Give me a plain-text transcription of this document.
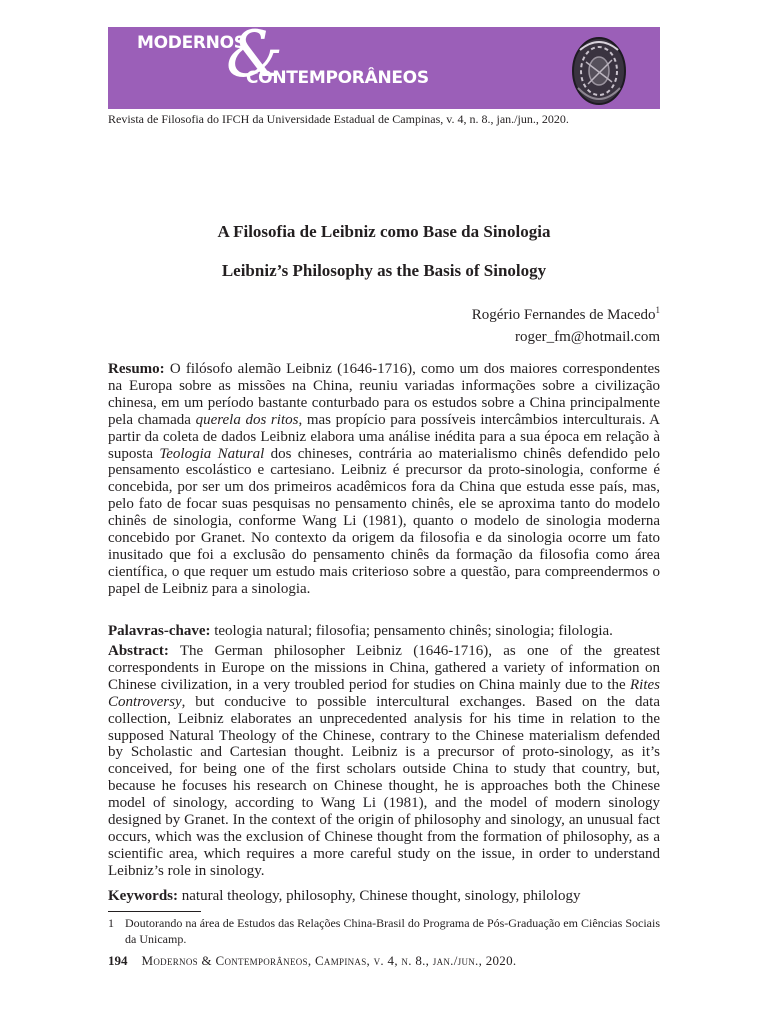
MODERNOS
&
CONTEMPORÂNEOS
Revista de Filosofia do IFCH da Universidade Estadual de Campinas, v. 4, n. 8., jan./jun., 2020.
A Filosofia de Leibniz como Base da Sinologia
Leibniz’s Philosophy as the Basis of Sinology
Rogério Fernandes de Macedo$^1$
roger_fm@hotmail.com
Resumo: O filósofo alemão Leibniz (1646-1716), como um dos maiores correspondentes na Europa sobre as missões na China, reuniu variadas informações sobre a civilização chinesa, em um período bastante conturbado para os estudos sobre a China principalmente pela chamada querela dos ritos, mas propício para possíveis intercâmbios interculturais. A partir da coleta de dados Leibniz elabora uma análise inédita para a sua época em relação à suposta Teologia Natural dos chineses, contrária ao materialismo chinês defendido pelo pensamento escolástico e cartesiano. Leibniz é precursor da proto-sinologia, conforme é concebida, por ser um dos primeiros acadêmicos fora da China que estuda esse país, mas, pelo fato de focar suas pesquisas no pensamento chinês, ele se aproxima tanto do modelo chinês de sinologia, conforme Wang Li (1981), quanto o modelo de sinologia moderna concebido por Granet. No contexto da origem da filosofia e da sinologia ocorre um fato inusitado que foi a exclusão do pensamento chinês da formação da filosofia como área científica, o que requer um estudo mais criterioso sobre a questão, para compreendermos o papel de Leibniz para a sinologia.
Palavras-chave: teologia natural; filosofia; pensamento chinês; sinologia; filologia.
Abstract: The German philosopher Leibniz (1646-1716), as one of the greatest correspondents in Europe on the missions in China, gathered a variety of information on Chinese civilization, in a very troubled period for studies on China mainly due to the Rites Controversy, but conducive to possible intercultural exchanges. Based on the data collection, Leibniz elaborates an unprecedented analysis for his time in relation to the supposed Natural Theology of the Chinese, contrary to the Chinese materialism defended by Scholastic and Cartesian thought. Leibniz is a precursor of proto-sinology, as it’s conceived, for being one of the first scholars outside China to study that country, but, because he focuses his research on Chinese thought, he is approaches both the Chinese model of sinology, according to Wang Li (1981), and the model of modern sinology designed by Granet. In the context of the origin of philosophy and sinology, an unusual fact occurs, which was the exclusion of Chinese thought from the formation of philosophy, as a scientific area, which requires a more careful study on the issue, in order to understand Leibniz’s role in sinology.
Keywords: natural theology, philosophy, Chinese thought, sinology, philology
1 Doutorando na área de Estudos das Relações China-Brasil do Programa de Pós-Graduação em Ciências Sociais da Unicamp.
194 Modernos & Contemporâneos, Campinas, v. 4, n. 8., jan./jun., 2020.
